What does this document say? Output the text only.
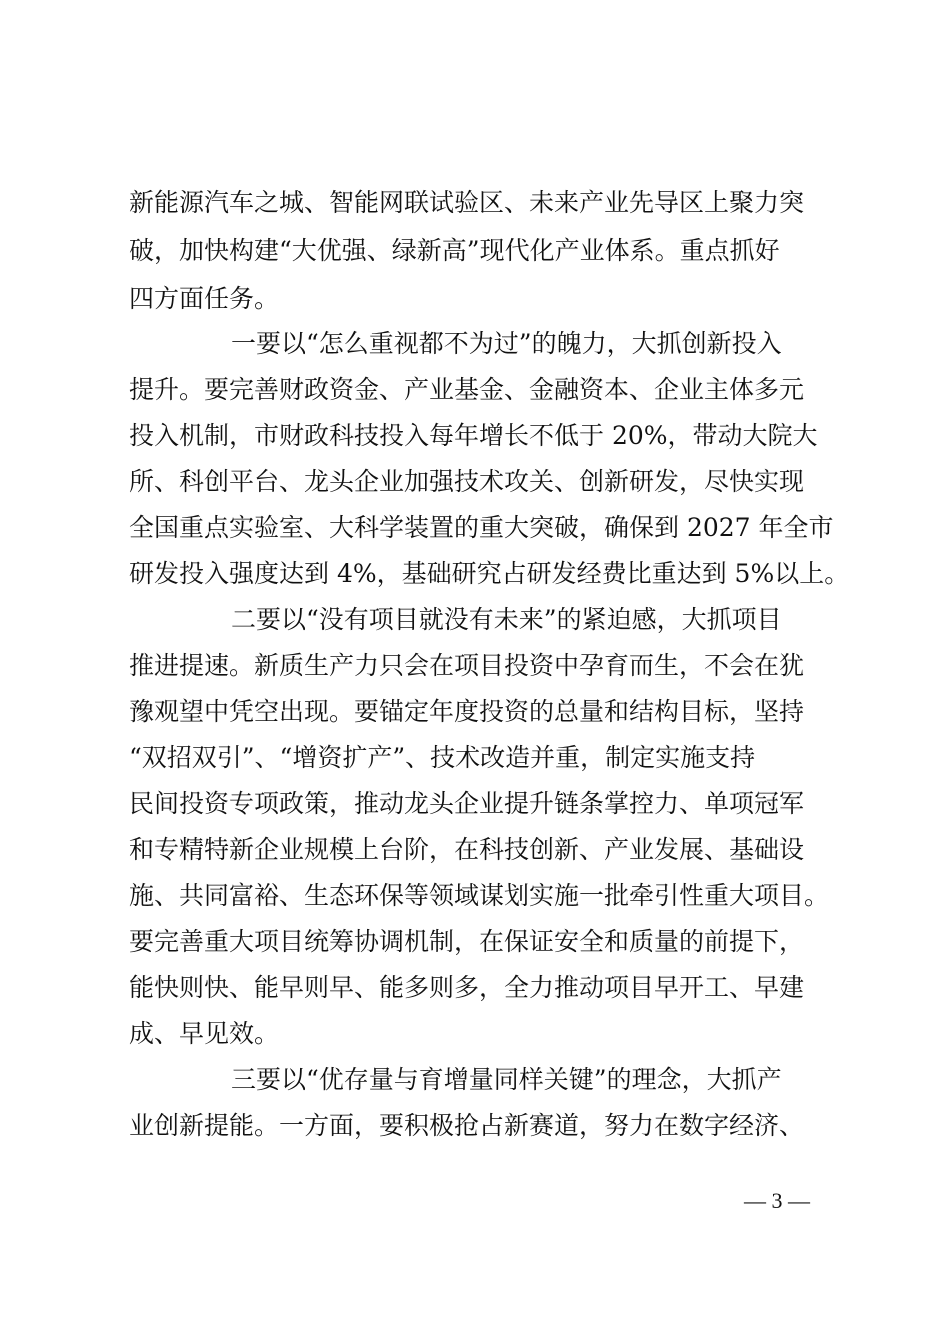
新能源汽车之城、智能网联试验区、未来产业先导区上聚力突
破，加快构建“大优强、绿新高”现代化产业体系。重点抓好
四方面任务。
一要以“怎么重视都不为过”的魄力，大抓创新投入
提升。要完善财政资金、产业基金、金融资本、企业主体多元
投入机制，市财政科技投入每年增长不低于 20%，带动大院大
所、科创平台、龙头企业加强技术攻关、创新研发，尽快实现
全国重点实验室、大科学装置的重大突破，确保到 2027 年全市
研发投入强度达到 4%，基础研究占研发经费比重达到 5%以上。
二要以“没有项目就没有未来”的紧迫感，大抓项目
推进提速。新质生产力只会在项目投资中孕育而生，不会在犹
豫观望中凭空出现。要锚定年度投资的总量和结构目标，坚持
“双招双引”、“增资扩产”、技术改造并重，制定实施支持
民间投资专项政策，推动龙头企业提升链条掌控力、单项冠军
和专精特新企业规模上台阶，在科技创新、产业发展、基础设
施、共同富裕、生态环保等领域谋划实施一批牵引性重大项目。
要完善重大项目统筹协调机制，在保证安全和质量的前提下，
能快则快、能早则早、能多则多，全力推动项目早开工、早建
成、早见效。
三要以“优存量与育增量同样关键”的理念，大抓产
业创新提能。一方面，要积极抢占新赛道，努力在数字经济、
— 3 —
